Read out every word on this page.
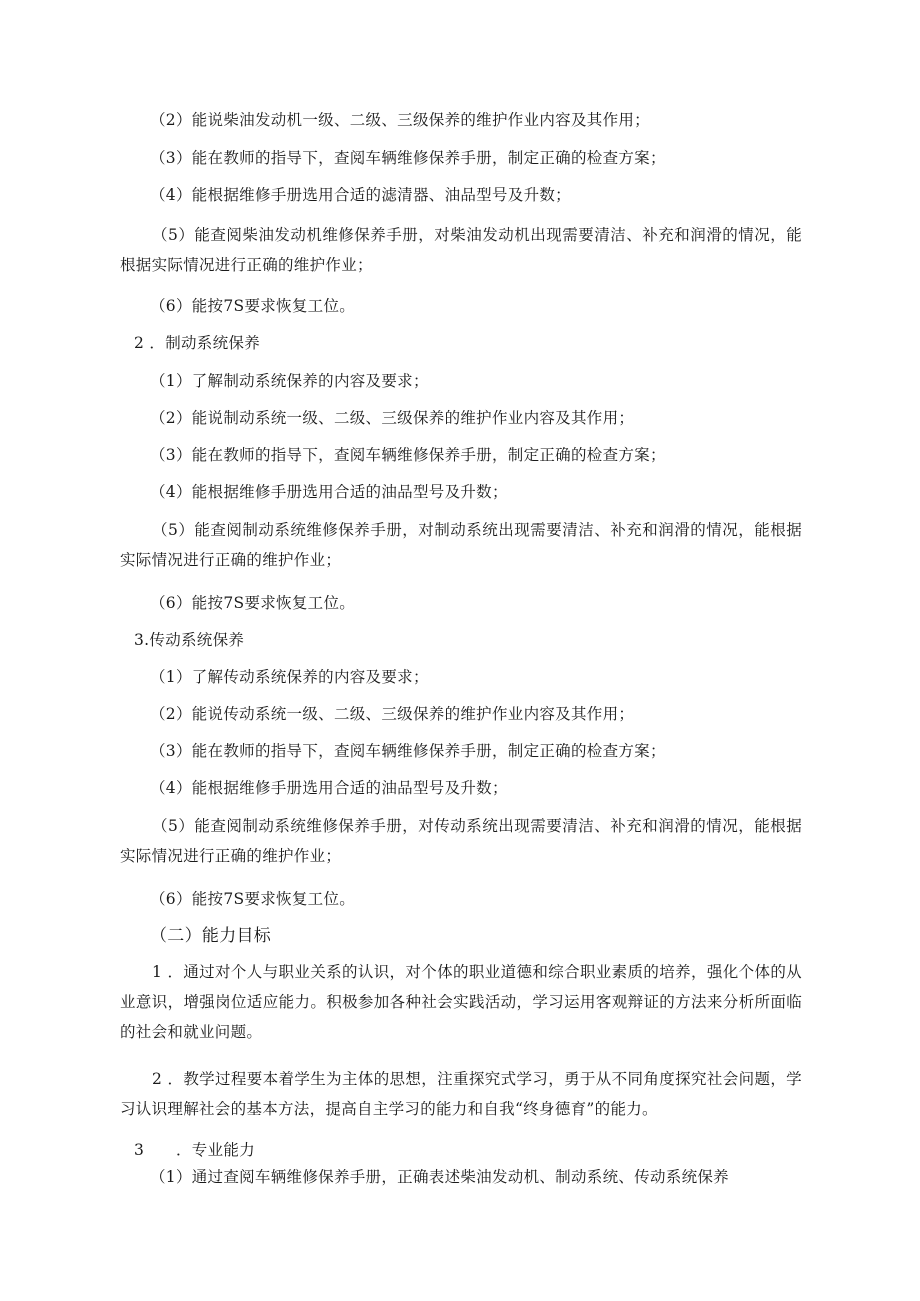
（2）能说柴油发动机一级、二级、三级保养的维护作业内容及其作用；
（3）能在教师的指导下，查阅车辆维修保养手册，制定正确的检查方案；
（4）能根据维修手册选用合适的滤清器、油品型号及升数；
（5）能查阅柴油发动机维修保养手册，对柴油发动机出现需要清洁、补充和润滑的情况，能根据实际情况进行正确的维护作业；
（6）能按7S要求恢复工位。
2 ．制动系统保养
（1）了解制动系统保养的内容及要求；
（2）能说制动系统一级、二级、三级保养的维护作业内容及其作用；
（3）能在教师的指导下，查阅车辆维修保养手册，制定正确的检查方案；
（4）能根据维修手册选用合适的油品型号及升数；
（5）能查阅制动系统维修保养手册，对制动系统出现需要清洁、补充和润滑的情况，能根据实际情况进行正确的维护作业；
（6）能按7S要求恢复工位。
3.传动系统保养
（1）了解传动系统保养的内容及要求；
（2）能说传动系统一级、二级、三级保养的维护作业内容及其作用；
（3）能在教师的指导下，查阅车辆维修保养手册，制定正确的检查方案；
（4）能根据维修手册选用合适的油品型号及升数；
（5）能查阅制动系统维修保养手册，对传动系统出现需要清洁、补充和润滑的情况，能根据实际情况进行正确的维护作业；
（6）能按7S要求恢复工位。
（二）能力目标
1 ．通过对个人与职业关系的认识，对个体的职业道德和综合职业素质的培养，强化个体的从业意识，增强岗位适应能力。积极参加各种社会实践活动，学习运用客观辩证的方法来分析所面临的社会和就业问题。
2 ．教学过程要本着学生为主体的思想，注重探究式学习，勇于从不同角度探究社会问题，学习认识理解社会的基本方法，提高自主学习的能力和自我“终身德育”的能力。
3 ．专业能力
（1）通过查阅车辆维修保养手册，正确表述柴油发动机、制动系统、传动系统保养
